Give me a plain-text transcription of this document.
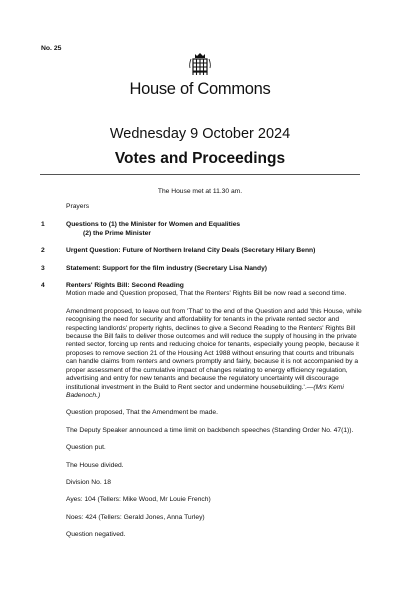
No. 25
House of Commons
Wednesday 9 October 2024
Votes and Proceedings
The House met at 11.30 am.

Prayers

1	Questions to (1) the Minister for Women and Equalities
(2) the Prime Minister
2	Urgent Question: Future of Northern Ireland City Deals (Secretary Hilary Benn)
3	Statement: Support for the film industry (Secretary Lisa Nandy)
4	Renters' Rights Bill: Second Reading

Motion made and Question proposed, That the Renters' Rights Bill be now read a second time.

Amendment proposed, to leave out from 'That' to the end of the Question and add 'this House, while recognising the need for security and affordability for tenants in the private rented sector and respecting landlords' property rights, declines to give a Second Reading to the Renters' Rights Bill because the Bill fails to deliver those outcomes and will reduce the supply of housing in the private rented sector, forcing up rents and reducing choice for tenants, especially young people, because it proposes to remove section 21 of the Housing Act 1988 without ensuring that courts and tribunals can handle claims from renters and owners promptly and fairly, because it is not accompanied by a proper assessment of the cumulative impact of changes relating to energy efficiency regulation, advertising and entry for new tenants and because the regulatory uncertainty will discourage institutional investment in the Build to Rent sector and undermine housebuilding.'.—(Mrs Kemi Badenoch.)

Question proposed, That the Amendment be made.

The Deputy Speaker announced a time limit on backbench speeches (Standing Order No. 47(1)).

Question put.

The House divided.

Division No. 18

Ayes: 104 (Tellers: Mike Wood, Mr Louie French)

Noes: 424 (Tellers: Gerald Jones, Anna Turley)

Question negatived.
